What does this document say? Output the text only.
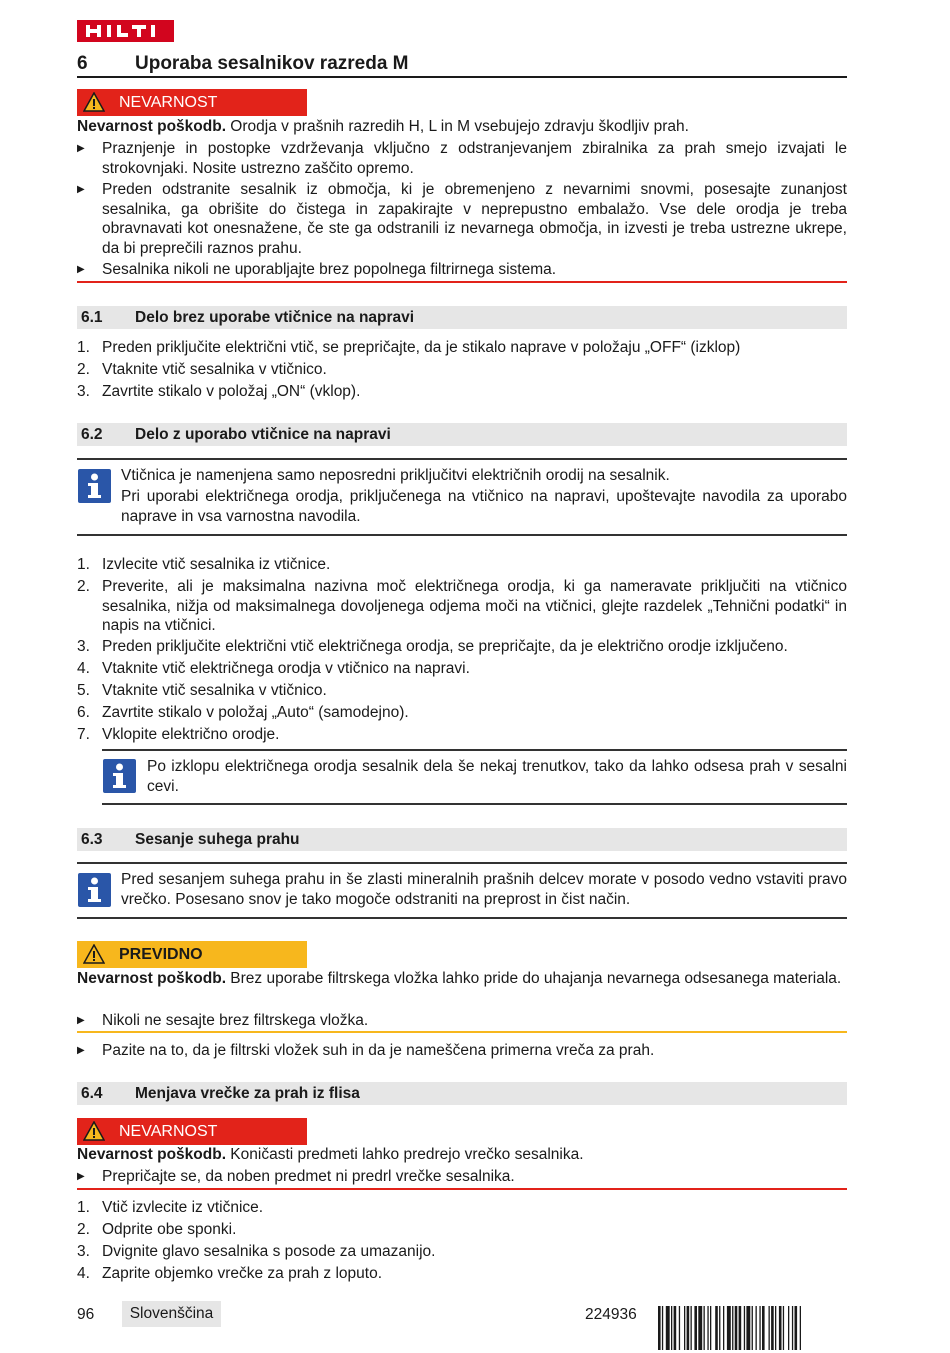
6 Uporaba sesalnikov razreda M
NEVARNOST
Nevarnost poškodb. Orodja v prašnih razredih H, L in M vsebujejo zdravju škodljiv prah.
▶ Praznjenje in postopke vzdrževanja vključno z odstranjevanjem zbiralnika za prah smejo izvajati le strokovnjaki. Nosite ustrezno zaščito opremo.
▶ Preden odstranite sesalnik iz območja, ki je obremenjeno z nevarnimi snovmi, posesajte zunanjost sesalnika, ga obrišite do čistega in zapakirajte v neprepustno embalažo. Vse dele orodja je treba obravnavati kot onesnažene, če ste ga odstranili iz nevarnega območja, in izvesti je treba ustrezne ukrepe, da bi preprečili raznos prahu.
▶ Sesalnika nikoli ne uporabljajte brez popolnega filtrirnega sistema.
6.1 Delo brez uporabe vtičnice na napravi
1. Preden priključite električni vtič, se prepričajte, da je stikalo naprave v položaju „OFF“ (izklop)
2. Vtaknite vtič sesalnika v vtičnico.
3. Zavrtite stikalo v položaj „ON“ (vklop).
6.2 Delo z uporabo vtičnice na napravi
Vtičnica je namenjena samo neposredni priključitvi električnih orodij na sesalnik.
Pri uporabi električnega orodja, priključenega na vtičnico na napravi, upoštevajte navodila za uporabo naprave in vsa varnostna navodila.
1. Izvlecite vtič sesalnika iz vtičnice.
2. Preverite, ali je maksimalna nazivna moč električnega orodja, ki ga nameravate priključiti na vtičnico sesalnika, nižja od maksimalnega dovoljenega odjema moči na vtičnici, glejte razdelek „Tehnični podatki“ in napis na vtičnici.
3. Preden priključite električni vtič električnega orodja, se prepričajte, da je električno orodje izključeno.
4. Vtaknite vtič električnega orodja v vtičnico na napravi.
5. Vtaknite vtič sesalnika v vtičnico.
6. Zavrtite stikalo v položaj „Auto“ (samodejno).
7. Vklopite električno orodje.
Po izklopu električnega orodja sesalnik dela še nekaj trenutkov, tako da lahko odsesa prah v sesalni cevi.
6.3 Sesanje suhega prahu
Pred sesanjem suhega prahu in še zlasti mineralnih prašnih delcev morate v posodo vedno vstaviti pravo vrečko. Posesano snov je tako mogoče odstraniti na preprost in čist način.
PREVIDNO
Nevarnost poškodb. Brez uporabe filtrskega vložka lahko pride do uhajanja nevarnega odsesanega materiala.
▶ Nikoli ne sesajte brez filtrskega vložka.
▶ Pazite na to, da je filtrski vložek suh in da je nameščena primerna vreča za prah.
6.4 Menjava vrečke za prah iz flisa
NEVARNOST
Nevarnost poškodb. Koničasti predmeti lahko predrejo vrečko sesalnika.
▶ Prepričajte se, da noben predmet ni predrl vrečke sesalnika.
1. Vtič izvlecite iz vtičnice.
2. Odprite obe sponki.
3. Dvignite glavo sesalnika s posode za umazanijo.
4. Zaprite objemko vrečke za prah z loputo.
96	Slovenščina	224936
